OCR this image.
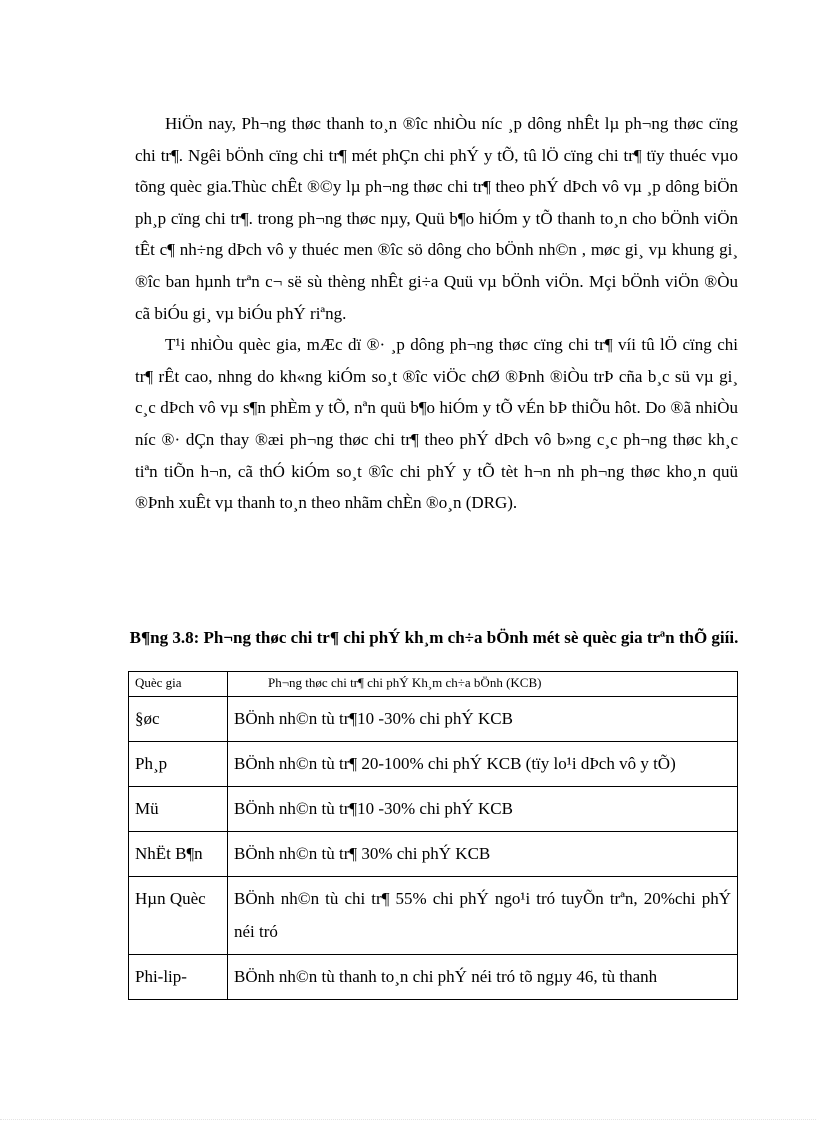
HiÖn nay, Ph¬ng thøc thanh to¸n ®îc nhiÒu níc ¸p dông nhÊt lµ ph¬ng thøc cïng chi tr¶. Ngêi bÖnh cïng chi tr¶ mét phÇn chi phÝ y tÕ, tû lÖ cïng chi tr¶ tïy thuéc vµo tõng quèc gia.Thùc chÊt ®©y lµ ph¬ng thøc chi tr¶ theo phÝ dÞch vô vµ ¸p dông biÖn ph¸p cïng chi tr¶. trong ph¬ng thøc nµy, Quü b¶o hiÓm y tÕ thanh to¸n cho bÖnh viÖn tÊt c¶ nh÷ng dÞch vô y thuéc men ®îc sö dông cho bÖnh nh©n , møc gi¸ vµ khung gi¸ ®îc ban hµnh trªn c¬ së sù thèng nhÊt gi÷a Quü vµ bÖnh viÖn. Mçi bÖnh viÖn ®Òu cã biÓu gi¸ vµ biÓu phÝ riªng.

T¹i nhiÒu quèc gia, mÆc dï ®· ¸p dông ph¬ng thøc cïng chi tr¶ víi tû lÖ cïng chi tr¶ rÊt cao, nhng do kh«ng kiÓm so¸t ®îc viÖc chØ ®Þnh ®iÒu trÞ cña b¸c sü vµ gi¸ c¸c dÞch vô vµ s¶n phÈm y tÕ, nªn quü b¶o hiÓm y tÕ vÉn bÞ thiÕu hôt. Do ®ã nhiÒu níc ®· dÇn thay ®æi ph¬ng thøc chi tr¶ theo phÝ dÞch vô b»ng c¸c ph¬ng thøc kh¸c tiªn tiÕn h¬n, cã thÓ kiÓm so¸t ®îc chi phÝ y tÕ tèt h¬n nh ph¬ng thøc kho¸n quü ®Þnh xuÊt vµ thanh to¸n theo nhãm chÈn ®o¸n (DRG).

B¶ng 3.8: Ph¬ng thøc chi tr¶ chi phÝ kh¸m ch÷a bÖnh mét sè quèc gia trªn thÕ giíi.
Quèc gia	Ph¬ng thøc chi tr¶ chi phÝ Kh¸m ch÷a bÖnh (KCB)
§øc	BÖnh nh©n tù tr¶10 -30% chi phÝ KCB
Ph¸p	BÖnh nh©n tù tr¶ 20-100% chi phÝ KCB (tïy lo¹i dÞch vô y tÕ)
Mü	BÖnh nh©n tù tr¶10 -30% chi phÝ KCB
NhËt B¶n	BÖnh nh©n tù tr¶ 30% chi phÝ KCB
Hµn Quèc	BÖnh nh©n tù chi tr¶ 55% chi phÝ ngo¹i tró tuyÕn trªn, 20%chi phÝ néi tró
Phi-lip-	BÖnh nh©n tù thanh to¸n chi phÝ néi tró tõ ngµy 46, tù thanh
